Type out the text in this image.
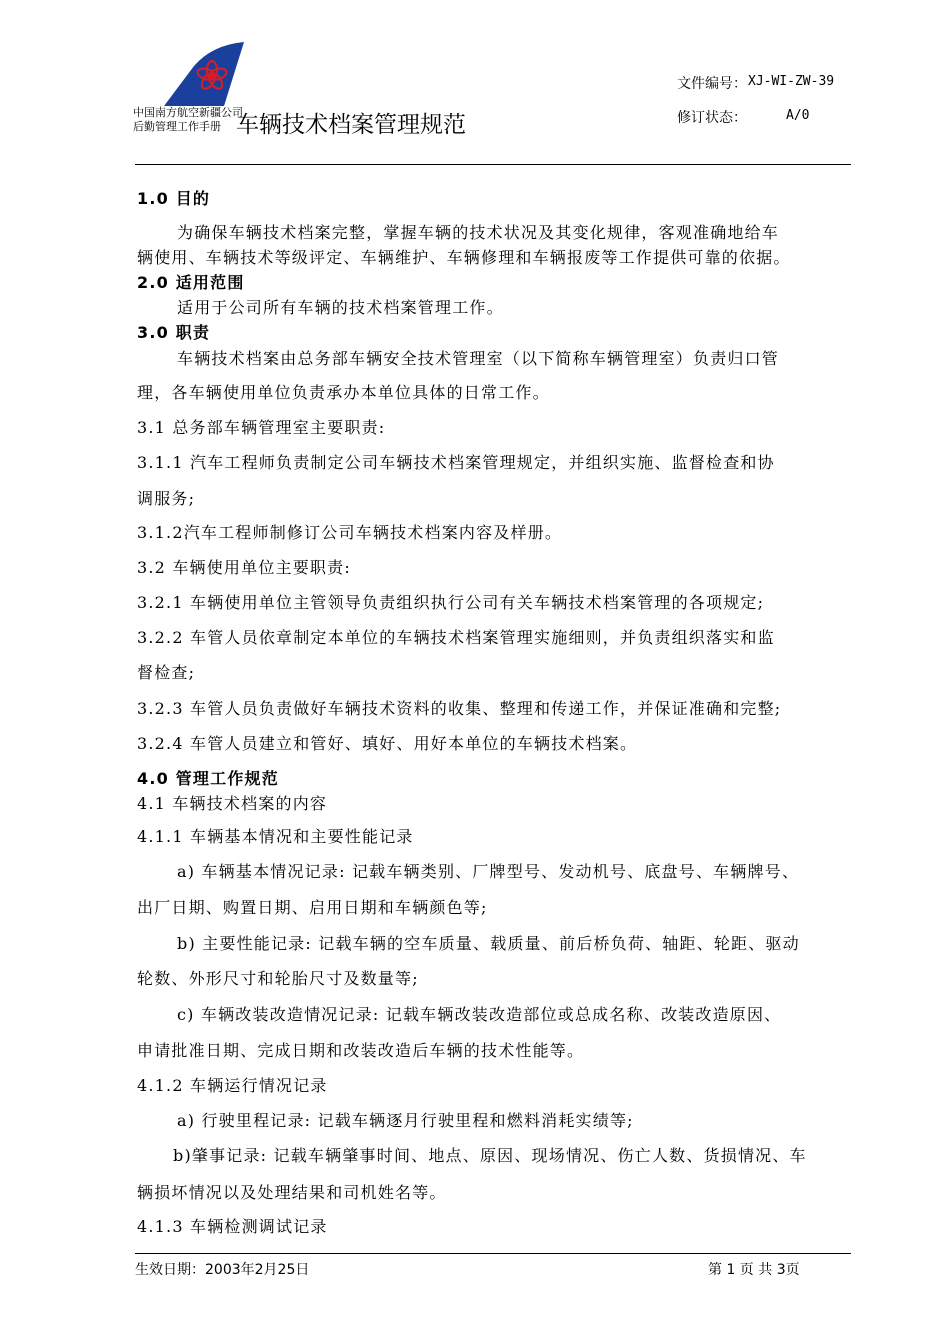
中国南方航空新疆公司
后勤管理工作手册 车辆技术档案管理规范
文件编号： XJ-WI-ZW-39
修订状态：	A/0
1.0 目的
为确保车辆技术档案完整，掌握车辆的技术状况及其变化规律，客观准确地给车
辆使用、车辆技术等级评定、车辆维护、车辆修理和车辆报废等工作提供可靠的依据。
2.0 适用范围
适用于公司所有车辆的技术档案管理工作。
3.0 职责
车辆技术档案由总务部车辆安全技术管理室（以下简称车辆管理室）负责归口管
理，各车辆使用单位负责承办本单位具体的日常工作。
3.1 总务部车辆管理室主要职责:
3.1.1 汽车工程师负责制定公司车辆技术档案管理规定，并组织实施、监督检查和协
调服务;
3.1.2汽车工程师制修订公司车辆技术档案内容及样册。
3.2 车辆使用单位主要职责:
3.2.1 车辆使用单位主管领导负责组织执行公司有关车辆技术档案管理的各项规定;
3.2.2 车管人员依章制定本单位的车辆技术档案管理实施细则，并负责组织落实和监
督检查;
3.2.3 车管人员负责做好车辆技术资料的收集、整理和传递工作，并保证准确和完整;
3.2.4 车管人员建立和管好、填好、用好本单位的车辆技术档案。
4.0 管理工作规范
4.1 车辆技术档案的内容
4.1.1 车辆基本情况和主要性能记录
a) 车辆基本情况记录: 记载车辆类别、厂牌型号、发动机号、底盘号、车辆牌号、
出厂日期、购置日期、启用日期和车辆颜色等;
b) 主要性能记录: 记载车辆的空车质量、载质量、前后桥负荷、轴距、轮距、驱动
轮数、外形尺寸和轮胎尺寸及数量等;
c) 车辆改装改造情况记录: 记载车辆改装改造部位或总成名称、改装改造原因、
申请批准日期、完成日期和改装改造后车辆的技术性能等。
4.1.2 车辆运行情况记录
a) 行驶里程记录: 记载车辆逐月行驶里程和燃料消耗实绩等;
b)肇事记录: 记载车辆肇事时间、地点、原因、现场情况、伤亡人数、货损情况、车
辆损坏情况以及处理结果和司机姓名等。
4.1.3 车辆检测调试记录
生效日期：2003年2月25日	第 1 页 共 3页
